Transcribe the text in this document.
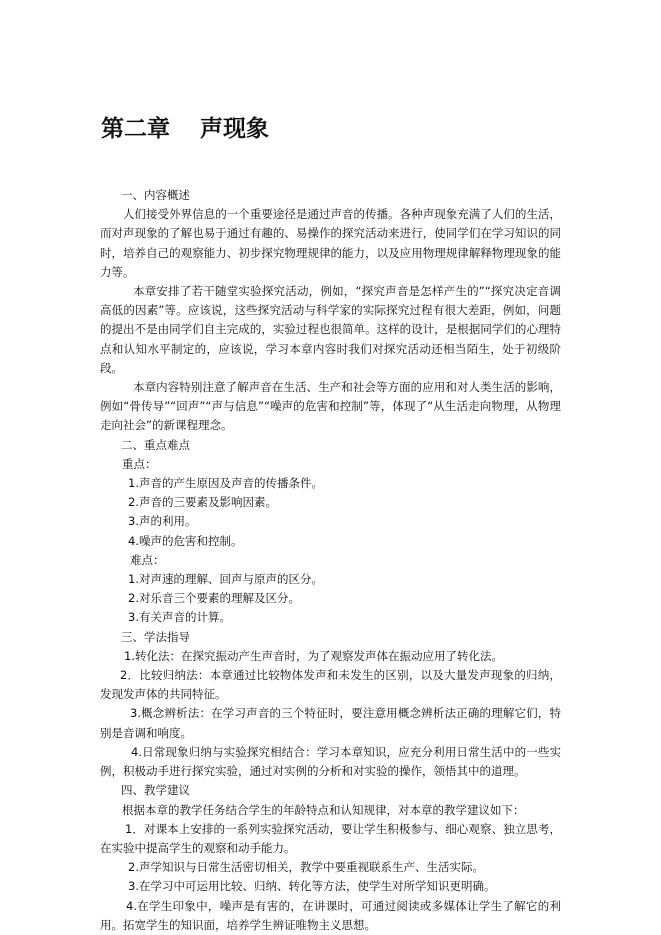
第二章 声现象

一、内容概述

人们接受外界信息的一个重要途径是通过声音的传播。各种声现象充满了人们的生活，而对声现象的了解也易于通过有趣的、易操作的探究活动来进行，使同学们在学习知识的同时，培养自己的观察能力、初步探究物理规律的能力，以及应用物理规律解释物理现象的能力等。

本章安排了若干随堂实验探究活动，例如，“探究声音是怎样产生的”“探究决定音调高低的因素”等。应该说，这些探究活动与科学家的实际探究过程有很大差距，例如，问题的提出不是由同学们自主完成的，实验过程也很简单。这样的设计，是根据同学们的心理特点和认知水平制定的，应该说，学习本章内容时我们对探究活动还相当陌生，处于初级阶段。

本章内容特别注意了解声音在生活、生产和社会等方面的应用和对人类生活的影响，例如“骨传导”“回声”“声与信息”“噪声的危害和控制”等，体现了“从生活走向物理，从物理走向社会”的新课程理念。

二、重点难点

重点：

1.声音的产生原因及声音的传播条件。

2.声音的三要素及影响因素。

3.声的利用。

4.噪声的危害和控制。

难点：

1.对声速的理解、回声与原声的区分。

2.对乐音三个要素的理解及区分。

3.有关声音的计算。

三、学法指导

1.转化法：在探究振动产生声音时，为了观察发声体在振动应用了转化法。

2．比较归纳法：本章通过比较物体发声和未发生的区别，以及大量发声现象的归纳，发现发声体的共同特征。

3.概念辨析法：在学习声音的三个特征时，要注意用概念辨析法正确的理解它们，特别是音调和响度。

4.日常现象归纳与实验探究相结合：学习本章知识，应充分利用日常生活中的一些实例，积极动手进行探究实验，通过对实例的分析和对实验的操作，领悟其中的道理。

四、教学建议

根据本章的教学任务结合学生的年龄特点和认知规律，对本章的教学建议如下：

1．对课本上安排的一系列实验探究活动，要让学生积极参与、细心观察、独立思考，在实验中提高学生的观察和动手能力。

2.声学知识与日常生活密切相关，教学中要重视联系生产、生活实际。

3.在学习中可运用比较、归纳、转化等方法，使学生对所学知识更明确。

4.在学生印象中，噪声是有害的，在讲课时，可通过阅读或多媒体让学生了解它的利用。拓宽学生的知识面，培养学生辨证唯物主义思想。
